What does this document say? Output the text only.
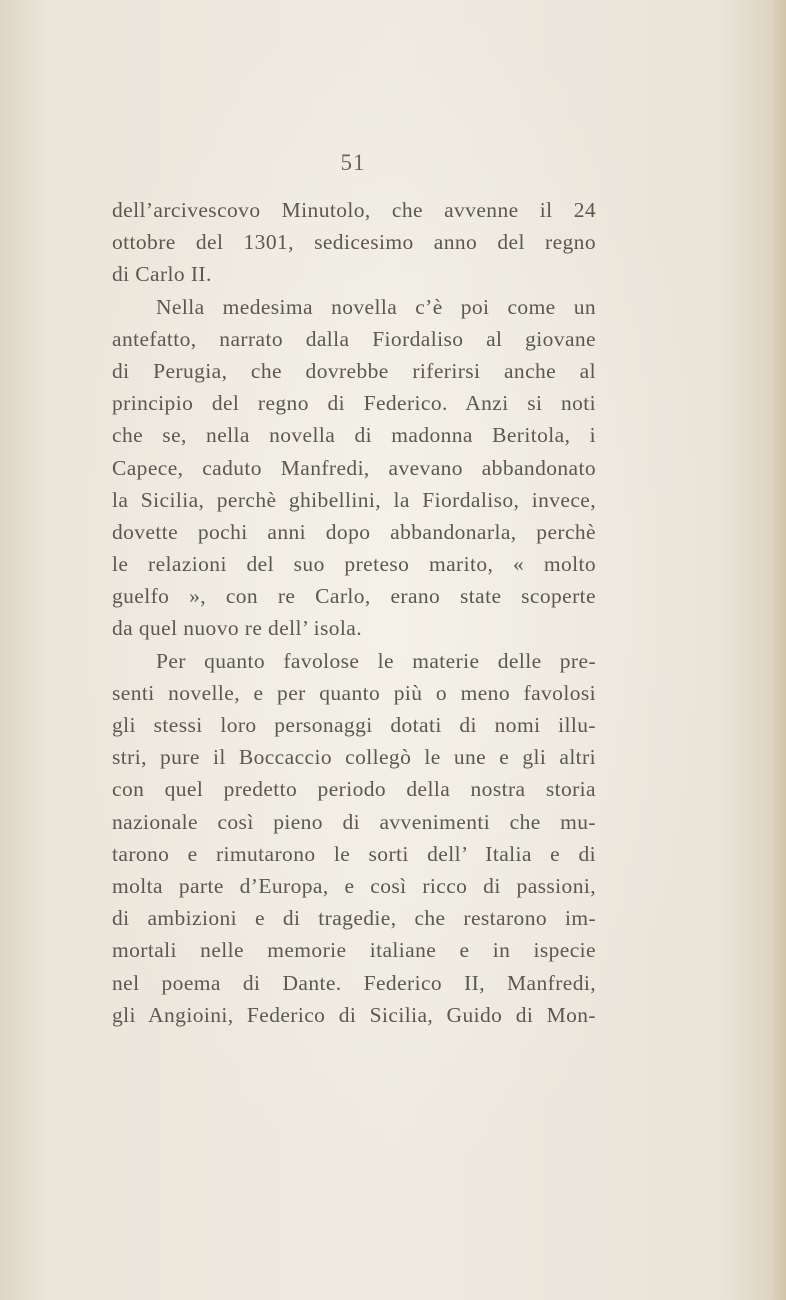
51
dell’arcivescovo Minutolo, che avvenne il 24
ottobre del 1301, sedicesimo anno del regno
di Carlo II.
Nella medesima novella c’è poi come un
antefatto, narrato dalla Fiordaliso al giovane
di Perugia, che dovrebbe riferirsi anche al
principio del regno di Federico. Anzi si noti
che se, nella novella di madonna Beritola, i
Capece, caduto Manfredi, avevano abbandonato
la Sicilia, perchè ghibellini, la Fiordaliso, invece,
dovette pochi anni dopo abbandonarla, perchè
le relazioni del suo preteso marito, « molto
guelfo », con re Carlo, erano state scoperte
da quel nuovo re dell’ isola.
Per quanto favolose le materie delle pre-
senti novelle, e per quanto più o meno favolosi
gli stessi loro personaggi dotati di nomi illu-
stri, pure il Boccaccio collegò le une e gli altri
con quel predetto periodo della nostra storia
nazionale così pieno di avvenimenti che mu-
tarono e rimutarono le sorti dell’ Italia e di
molta parte d’Europa, e così ricco di passioni,
di ambizioni e di tragedie, che restarono im-
mortali nelle memorie italiane e in ispecie
nel poema di Dante. Federico II, Manfredi,
gli Angioini, Federico di Sicilia, Guido di Mon-
